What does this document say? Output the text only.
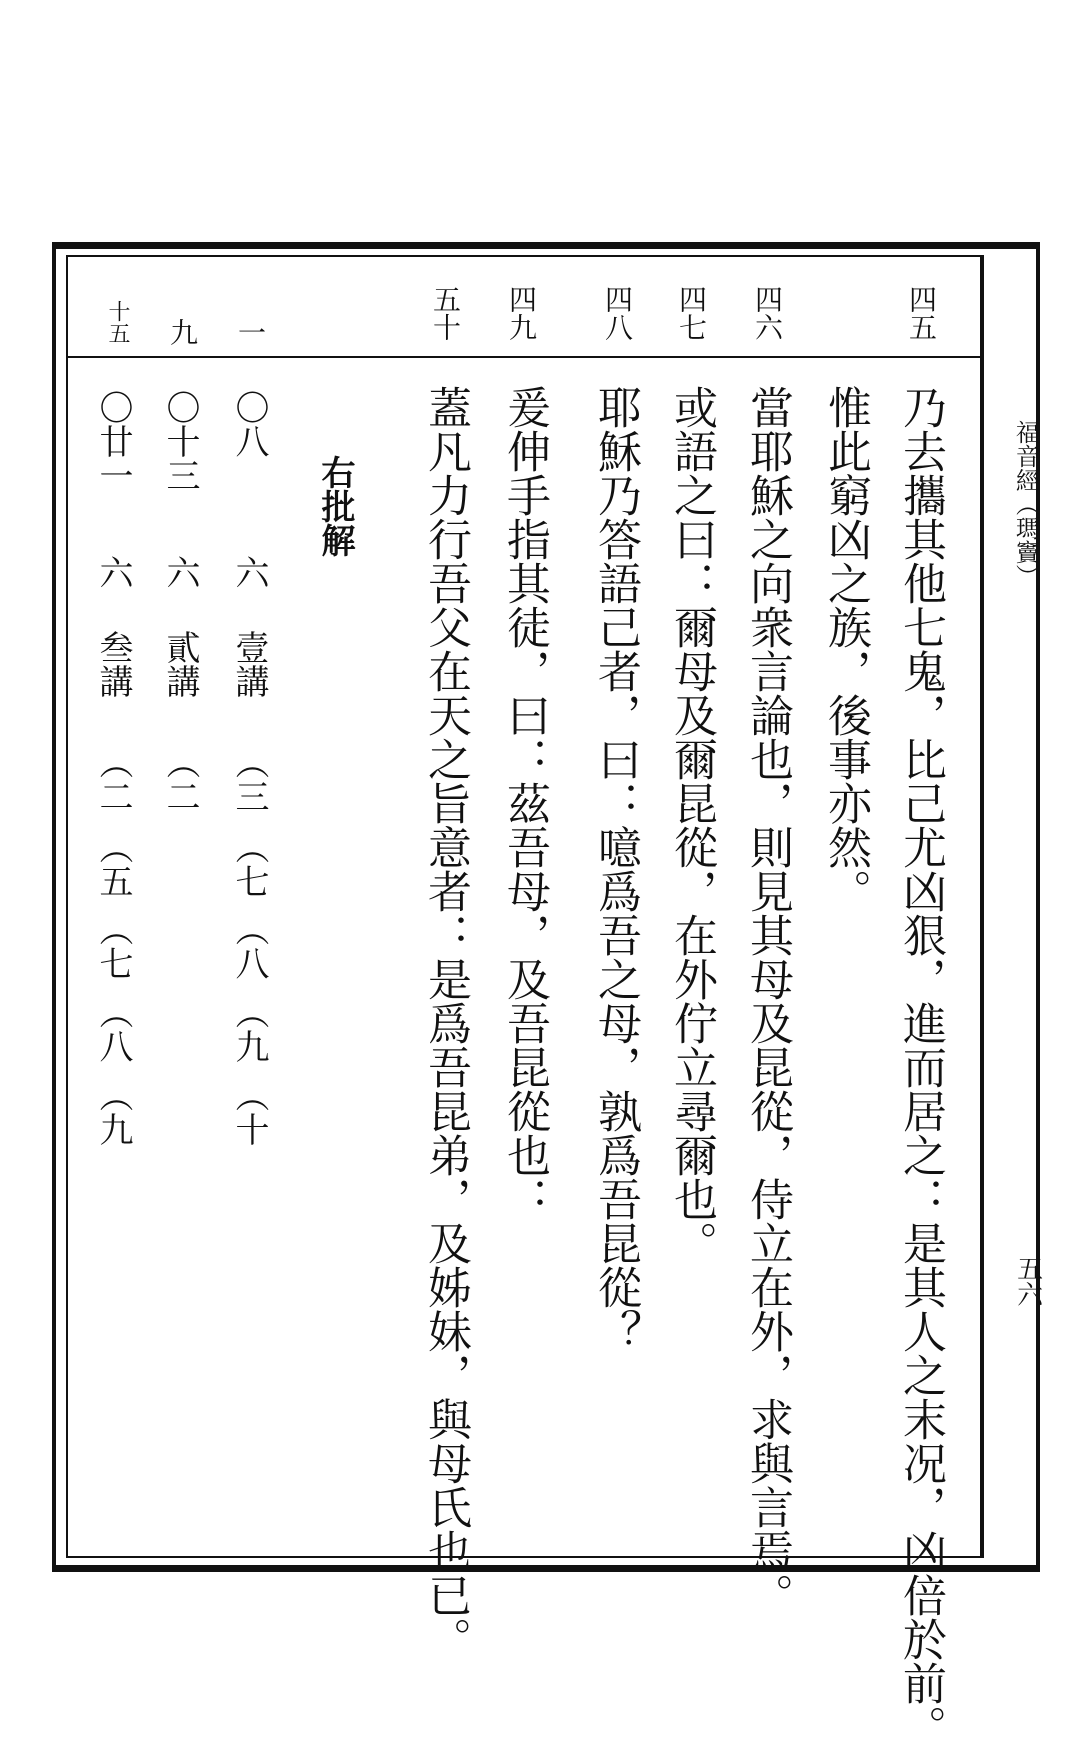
福音經（瑪竇）
五六
四五
乃去攜其他七鬼，比己尤凶狠，進而居之：是其人之末况，凶倍於前。
惟此窮凶之族，後事亦然。
四六
當耶穌之向衆言論也，則見其母及昆從，侍立在外，求與言焉。
四七
或語之曰：爾母及爾昆從，在外佇立尋爾也。
四八
耶穌乃答語己者，曰：噫爲吾之母，孰爲吾昆從？
四九
爰伸手指其徒，曰：茲吾母，及吾昆從也：
五十
蓋凡力行吾父在天之旨意者：是爲吾昆弟，及姊妹，與母氏也已。
右批解
一
〇八
六
壹講
（三
（七
（八
（九
（十
九
〇十三
六
貳講
（二
十五
〇廿一
六
叁講
（二
（五
（七
（八
（九
